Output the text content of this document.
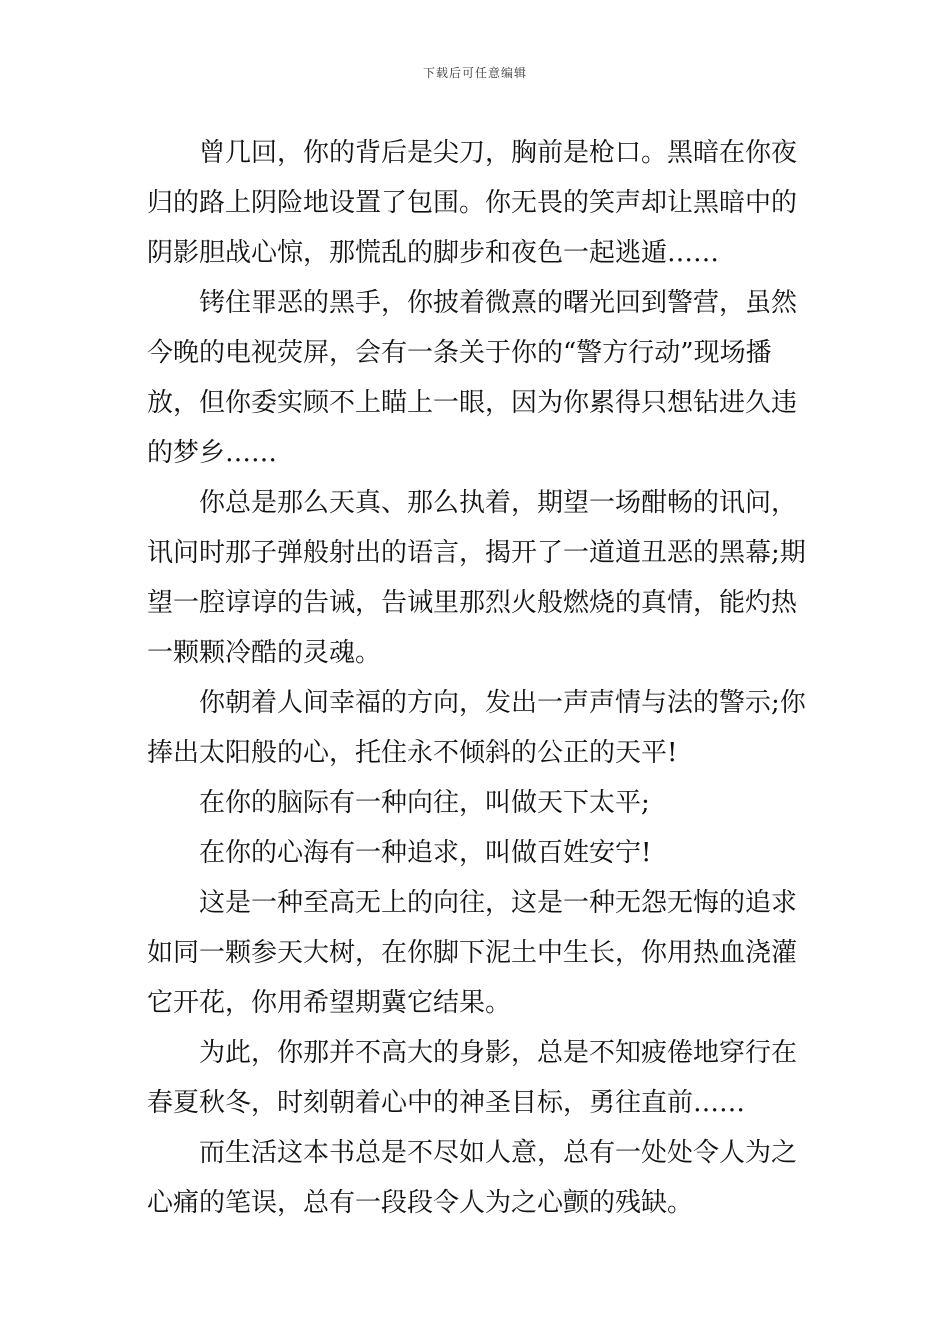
下载后可任意编辑

曾几回，你的背后是尖刀，胸前是枪口。黑暗在你夜
归的路上阴险地设置了包围。你无畏的笑声却让黑暗中的
阴影胆战心惊，那慌乱的脚步和夜色一起逃遁……

铐住罪恶的黑手，你披着微熹的曙光回到警营，虽然
今晚的电视荧屏，会有一条关于你的“警方行动”现场播
放，但你委实顾不上瞄上一眼，因为你累得只想钻进久违
的梦乡……

你总是那么天真、那么执着，期望一场酣畅的讯问，
讯问时那子弹般射出的语言，揭开了一道道丑恶的黑幕;期
望一腔谆谆的告诫，告诫里那烈火般燃烧的真情，能灼热
一颗颗冷酷的灵魂。

你朝着人间幸福的方向，发出一声声情与法的警示;你
捧出太阳般的心，托住永不倾斜的公正的天平!

在你的脑际有一种向往，叫做天下太平;

在你的心海有一种追求，叫做百姓安宁!

这是一种至高无上的向往，这是一种无怨无悔的追求
如同一颗参天大树，在你脚下泥土中生长，你用热血浇灌
它开花，你用希望期冀它结果。

为此，你那并不高大的身影，总是不知疲倦地穿行在
春夏秋冬，时刻朝着心中的神圣目标，勇往直前……

而生活这本书总是不尽如人意，总有一处处令人为之
心痛的笔误，总有一段段令人为之心颤的残缺。
